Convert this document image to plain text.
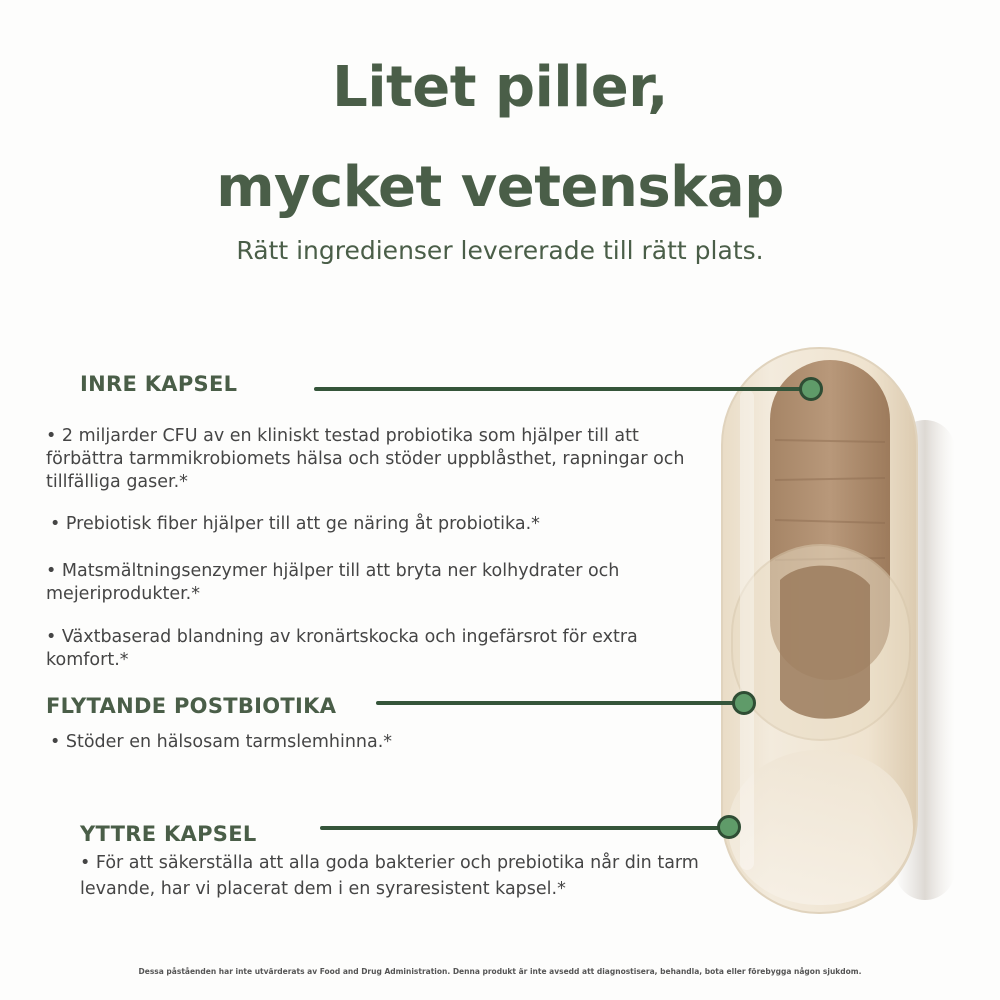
Litet piller,
mycket vetenskap
Rätt ingredienser levererade till rätt plats.
INRE KAPSEL
• 2 miljarder CFU av en kliniskt testad probiotika som hjälper till att förbättra tarmmikrobiomets hälsa och stöder uppblåsthet, rapningar och tillfälliga gaser.*
• Prebiotisk fiber hjälper till att ge näring åt probiotika.*
• Matsmältningsenzymer hjälper till att bryta ner kolhydrater och mejeriprodukter.*
• Växtbaserad blandning av kronärtskocka och ingefärsrot för extra komfort.*
FLYTANDE POSTBIOTIKA
• Stöder en hälsosam tarmslemhinna.*
YTTRE KAPSEL
• För att säkerställa att alla goda bakterier och prebiotika når din tarm levande, har vi placerat dem i en syraresistent kapsel.*
Dessa påståenden har inte utvärderats av Food and Drug Administration. Denna produkt är inte avsedd att diagnostisera, behandla, bota eller förebygga någon sjukdom.
